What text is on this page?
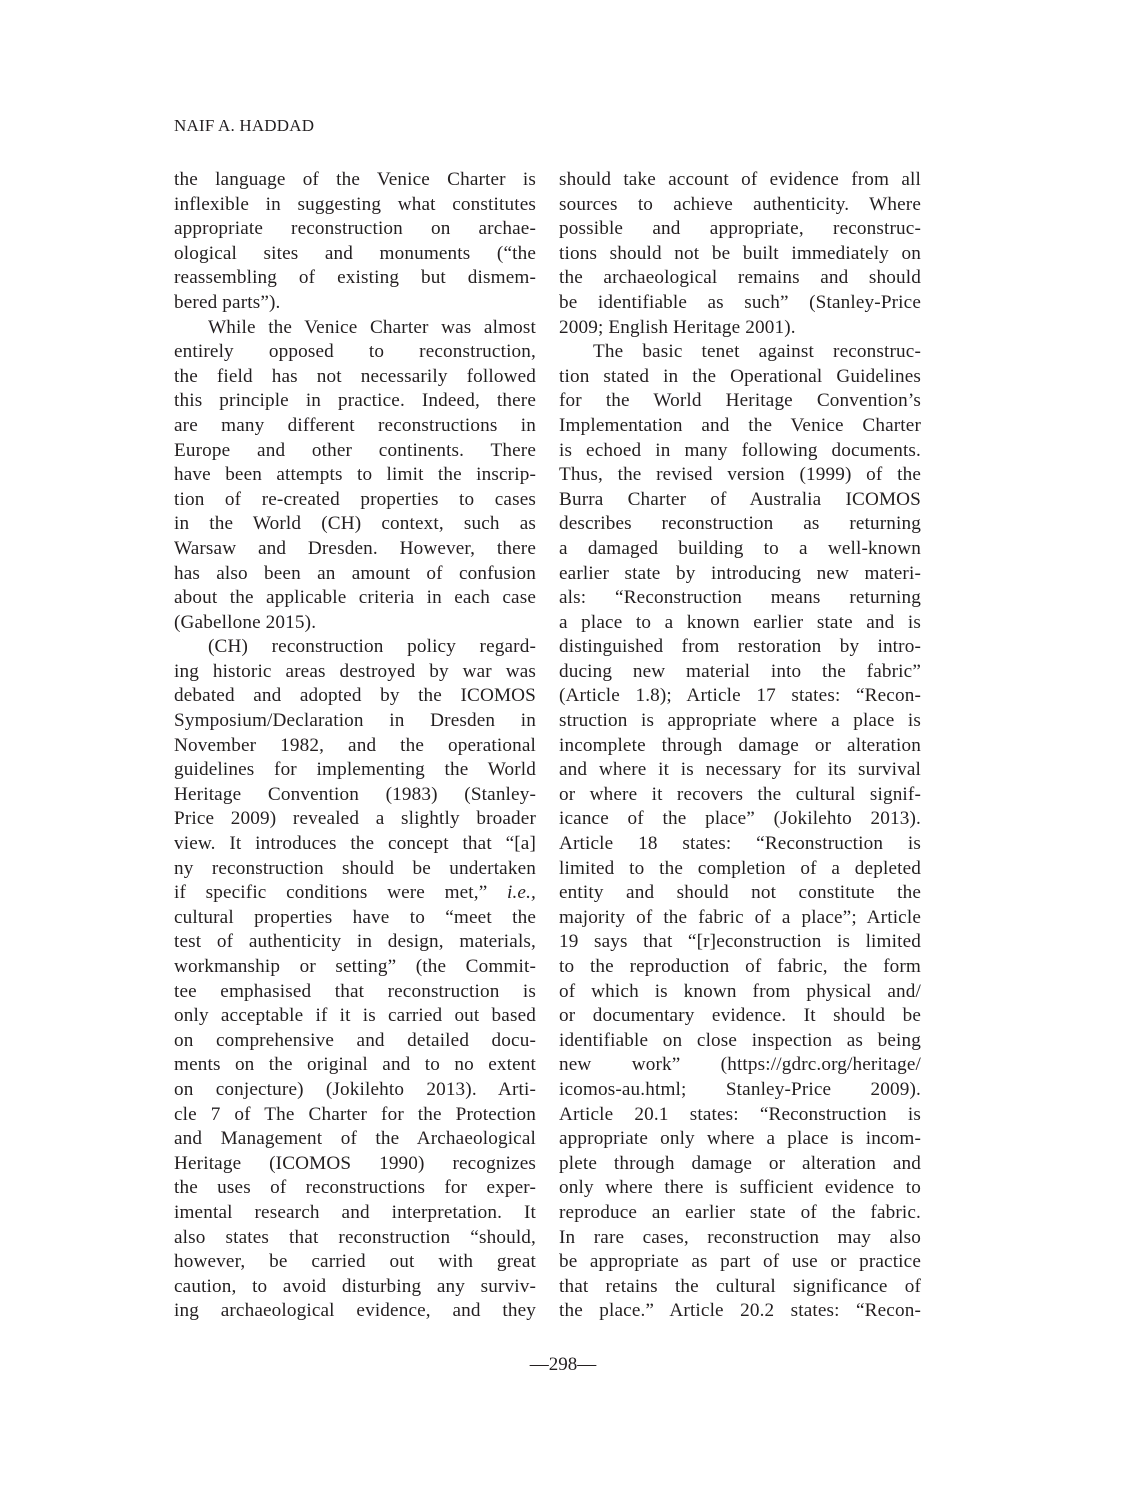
NAIF A. HADDAD
the language of the Venice Charter is
inflexible in suggesting what constitutes
appropriate reconstruction on archae-
ological sites and monuments (“the
reassembling of existing but dismem-
bered parts”).
While the Venice Charter was almost
entirely opposed to reconstruction,
the field has not necessarily followed
this principle in practice. Indeed, there
are many different reconstructions in
Europe and other continents. There
have been attempts to limit the inscrip-
tion of re-created properties to cases
in the World (CH) context, such as
Warsaw and Dresden. However, there
has also been an amount of confusion
about the applicable criteria in each case
(Gabellone 2015).
(CH) reconstruction policy regard-
ing historic areas destroyed by war was
debated and adopted by the ICOMOS
Symposium/Declaration in Dresden in
November 1982, and the operational
guidelines for implementing the World
Heritage Convention (1983) (Stanley-
Price 2009) revealed a slightly broader
view. It introduces the concept that “[a]
ny reconstruction should be undertaken
if specific conditions were met,” i.e.,
cultural properties have to “meet the
test of authenticity in design, materials,
workmanship or setting” (the Commit-
tee emphasised that reconstruction is
only acceptable if it is carried out based
on comprehensive and detailed docu-
ments on the original and to no extent
on conjecture) (Jokilehto 2013). Arti-
cle 7 of The Charter for the Protection
and Management of the Archaeological
Heritage (ICOMOS 1990) recognizes
the uses of reconstructions for exper-
imental research and interpretation. It
also states that reconstruction “should,
however, be carried out with great
caution, to avoid disturbing any surviv-
ing archaeological evidence, and they
should take account of evidence from all
sources to achieve authenticity. Where
possible and appropriate, reconstruc-
tions should not be built immediately on
the archaeological remains and should
be identifiable as such” (Stanley-Price
2009; English Heritage 2001).
The basic tenet against reconstruc-
tion stated in the Operational Guidelines
for the World Heritage Convention’s
Implementation and the Venice Charter
is echoed in many following documents.
Thus, the revised version (1999) of the
Burra Charter of Australia ICOMOS
describes reconstruction as returning
a damaged building to a well-known
earlier state by introducing new materi-
als: “Reconstruction means returning
a place to a known earlier state and is
distinguished from restoration by intro-
ducing new material into the fabric”
(Article 1.8); Article 17 states: “Recon-
struction is appropriate where a place is
incomplete through damage or alteration
and where it is necessary for its survival
or where it recovers the cultural signif-
icance of the place” (Jokilehto 2013).
Article 18 states: “Reconstruction is
limited to the completion of a depleted
entity and should not constitute the
majority of the fabric of a place”; Article
19 says that “[r]econstruction is limited
to the reproduction of fabric, the form
of which is known from physical and/
or documentary evidence. It should be
identifiable on close inspection as being
new work” (https://gdrc.org/heritage/
icomos-au.html; Stanley-Price 2009).
Article 20.1 states: “Reconstruction is
appropriate only where a place is incom-
plete through damage or alteration and
only where there is sufficient evidence to
reproduce an earlier state of the fabric.
In rare cases, reconstruction may also
be appropriate as part of use or practice
that retains the cultural significance of
the place.” Article 20.2 states: “Recon-
—298—
